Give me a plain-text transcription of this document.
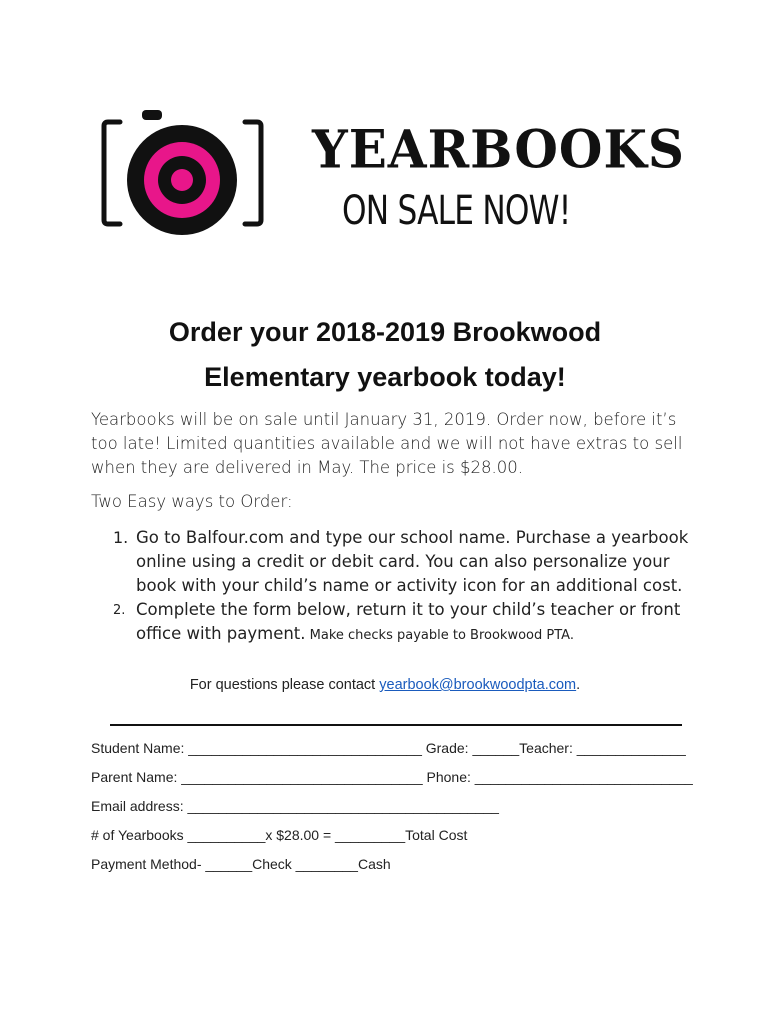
YEARBOOKS
ON SALE NOW!
Order your 2018-2019 Brookwood
Elementary yearbook today!
Yearbooks will be on sale until January 31, 2019. Order now, before it’s too late! Limited quantities available and we will not have extras to sell when they are delivered in May. The price is $28.00.
Two Easy ways to Order:
1. Go to Balfour.com and type our school name. Purchase a yearbook online using a credit or debit card. You can also personalize your book with your child’s name or activity icon for an additional cost.
2. Complete the form below, return it to your child’s teacher or front office with payment. Make checks payable to Brookwood PTA.
For questions please contact yearbook@brookwoodpta.com.
Student Name: ______________________________ Grade: ______Teacher: ______________
Parent Name: _______________________________ Phone: ____________________________
Email address: ________________________________________
# of Yearbooks __________x $28.00 = _________Total Cost
Payment Method- ______Check ________Cash
